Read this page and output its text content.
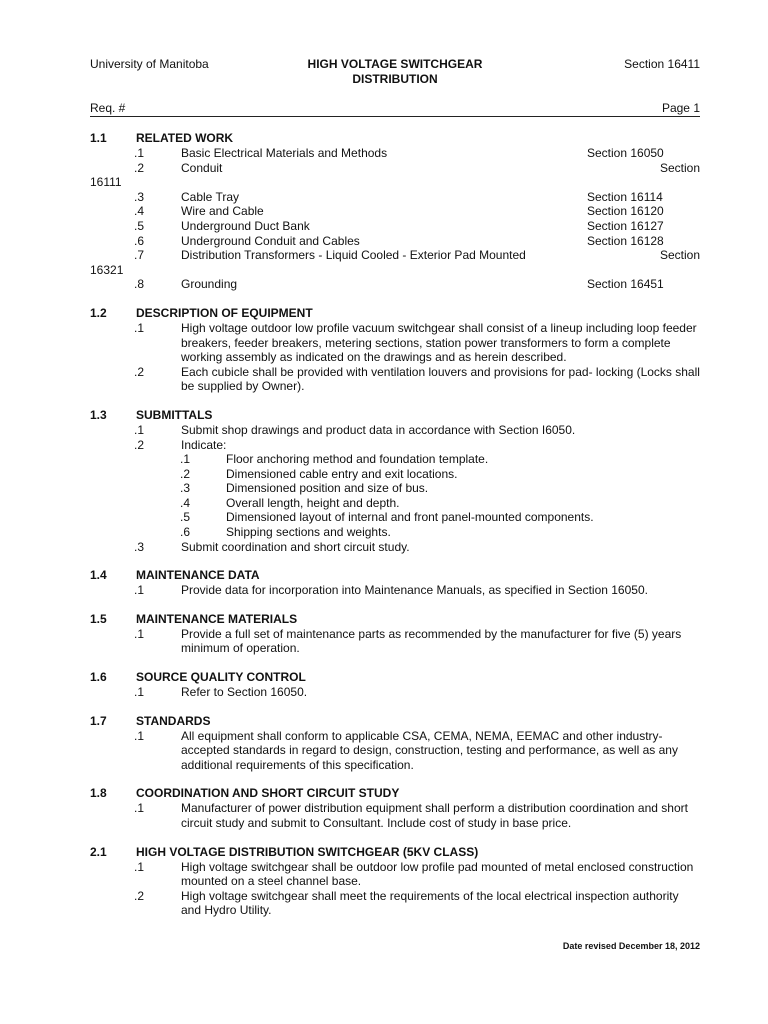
University of Manitoba	HIGH VOLTAGE SWITCHGEAR
DISTRIBUTION
Section 16411
Req. #	Page 1
1.1 RELATED WORK
.1	Basic Electrical Materials and Methods	Section 16050
.2	Conduit	Section
16111
.3	Cable Tray	Section 16114
.4	Wire and Cable	Section 16120
.5	Underground Duct Bank	Section 16127
.6	Underground Conduit and Cables	Section 16128
.7	Distribution Transformers - Liquid Cooled - Exterior Pad Mounted	Section
16321
.8	Grounding	Section 16451
1.2 DESCRIPTION OF EQUIPMENT
.1	High voltage outdoor low profile vacuum switchgear shall consist of a lineup including loop feeder breakers, feeder breakers, metering sections, station power transformers to form a complete working assembly as indicated on the drawings and as herein described.
.2	Each cubicle shall be provided with ventilation louvers and provisions for pad- locking (Locks shall be supplied by Owner).
1.3 SUBMITTALS
.1	Submit shop drawings and product data in accordance with Section I6050.
.2	Indicate:
.1	Floor anchoring method and foundation template.
.2	Dimensioned cable entry and exit locations.
.3	Dimensioned position and size of bus.
.4	Overall length, height and depth.
.5	Dimensioned layout of internal and front panel-mounted components.
.6	Shipping sections and weights.
.3	Submit coordination and short circuit study.
1.4 MAINTENANCE DATA
.1	Provide data for incorporation into Maintenance Manuals, as specified in Section 16050.
1.5 MAINTENANCE MATERIALS
.1	Provide a full set of maintenance parts as recommended by the manufacturer for five (5) years minimum of operation.
1.6 SOURCE QUALITY CONTROL
.1	Refer to Section 16050.
1.7 STANDARDS
.1	All equipment shall conform to applicable CSA, CEMA, NEMA, EEMAC and other industry-accepted standards in regard to design, construction, testing and performance, as well as any additional requirements of this specification.
1.8 COORDINATION AND SHORT CIRCUIT STUDY
.1	Manufacturer of power distribution equipment shall perform a distribution coordination and short circuit study and submit to Consultant. Include cost of study in base price.
2.1 HIGH VOLTAGE DISTRIBUTION SWITCHGEAR (5KV CLASS)
.1	High voltage switchgear shall be outdoor low profile pad mounted of metal enclosed construction mounted on a steel channel base.
.2	High voltage switchgear shall meet the requirements of the local electrical inspection authority and Hydro Utility.
Date revised December 18, 2012
